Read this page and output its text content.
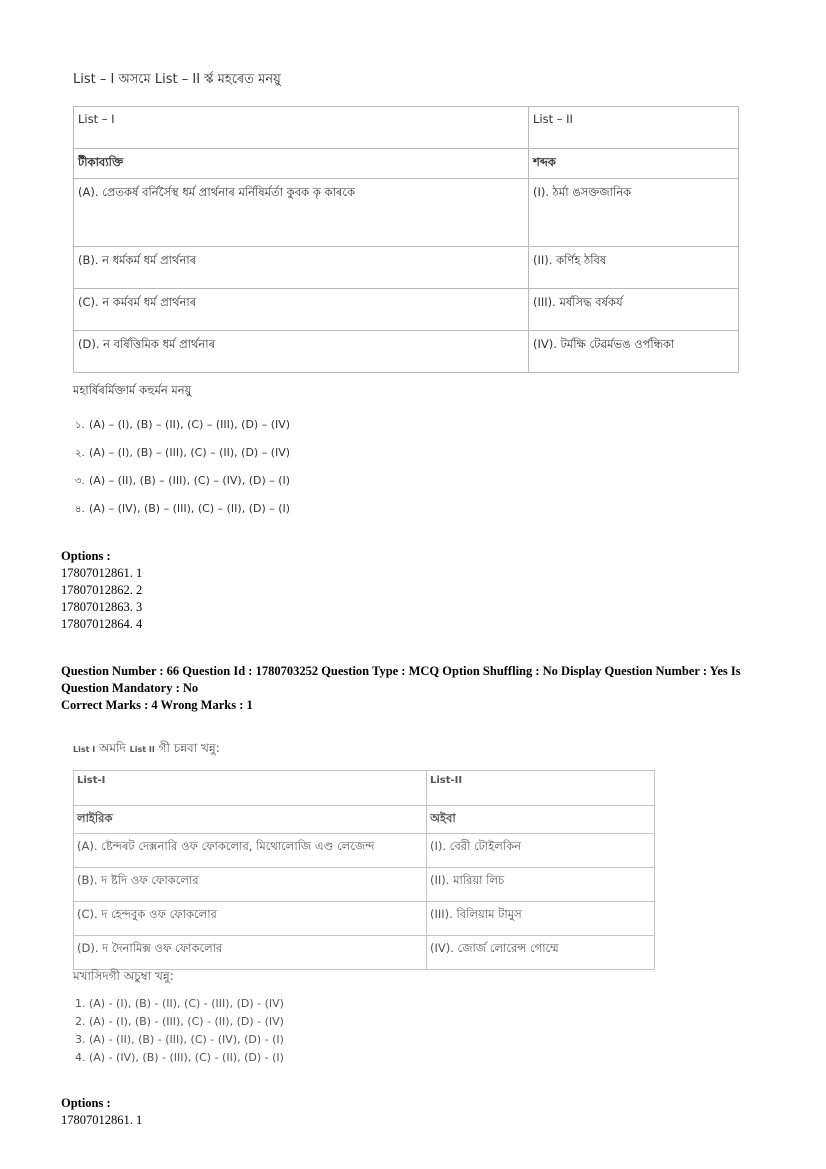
List – I অসমে List – II ৰ্স্ক মহৰেত মনয়ু
List – I	List – II
টীকাব্যক্তি	শব্দক
(A). প্ৰেতকৰ্ষ বৰ্নিৰ্সৈস্থ ধৰ্ম প্ৰাৰ্থনাৰ মৰ্নিষিৰ্মৰ্তা কুবক কৃ কাৰকে	(I). ঠৰ্মা ঙসক্তজানিক
(B). ন ধৰ্মকৰ্ম ধৰ্ম প্ৰাৰ্থনাৰ	(II). কৰ্ণিহ ঠবিষ
(C). ন কৰ্মবৰ্ম ধৰ্ম প্ৰাৰ্থনাৰ	(III). মৰ্ষসিদ্ধ বৰ্ষকৰ্য
(D). ন বৰ্ষিত্তিমিক ধৰ্ম প্ৰাৰ্থনাৰ	(IV). টৰ্মক্ষি টেৱৰ্মভঙ ওৰ্পন্ধিকা
মহাৰ্ষিৰৰ্মিক্তাৰ্ম কহুৰ্মন মনয়ু
১. (A) – (I), (B) – (II), (C) – (III), (D) – (IV)
২. (A) – (I), (B) – (III), (C) – (II), (D) – (IV)
৩. (A) – (II), (B) – (III), (C) – (IV), (D) – (I)
৪. (A) – (IV), (B) – (III), (C) – (II), (D) – (I)
Options :
17807012861. 1
17807012862. 2
17807012863. 3
17807012864. 4
Question Number : 66 Question Id : 1780703252 Question Type : MCQ Option Shuffling : No Display Question Number : Yes Is
Question Mandatory : No
Correct Marks : 4 Wrong Marks : 1
List I অমদি List II গী চন্নবা খন্নু:
List-I	List-II
লাইরিক	অইবা
(A). ষ্টেন্দৰট দেক্সনারি ওফ ফোকলোর, মিথোলোজি এণ্ড লেজেন্দ	(I). বেরী টোইলকিন
(B). দ ষ্টদি ওফ ফোকলোর	(II). মারিয়া লিচ
(C). দ হেন্দবুক ওফ ফোকলোর	(III). বিলিয়াম টামুস
(D). দ দৈনামিক্স ওফ ফোকলোর	(IV). জোর্জ লোরেন্স গোম্মে
মখাসিদগী অচুম্বা খন্নু:
1. (A) - (I), (B) - (II), (C) - (III), (D) - (IV)
2. (A) - (I), (B) - (III), (C) - (II), (D) - (IV)
3. (A) - (II), (B) - (III), (C) - (IV), (D) - (I)
4. (A) - (IV), (B) - (III), (C) - (II), (D) - (I)
Options :
17807012861. 1
